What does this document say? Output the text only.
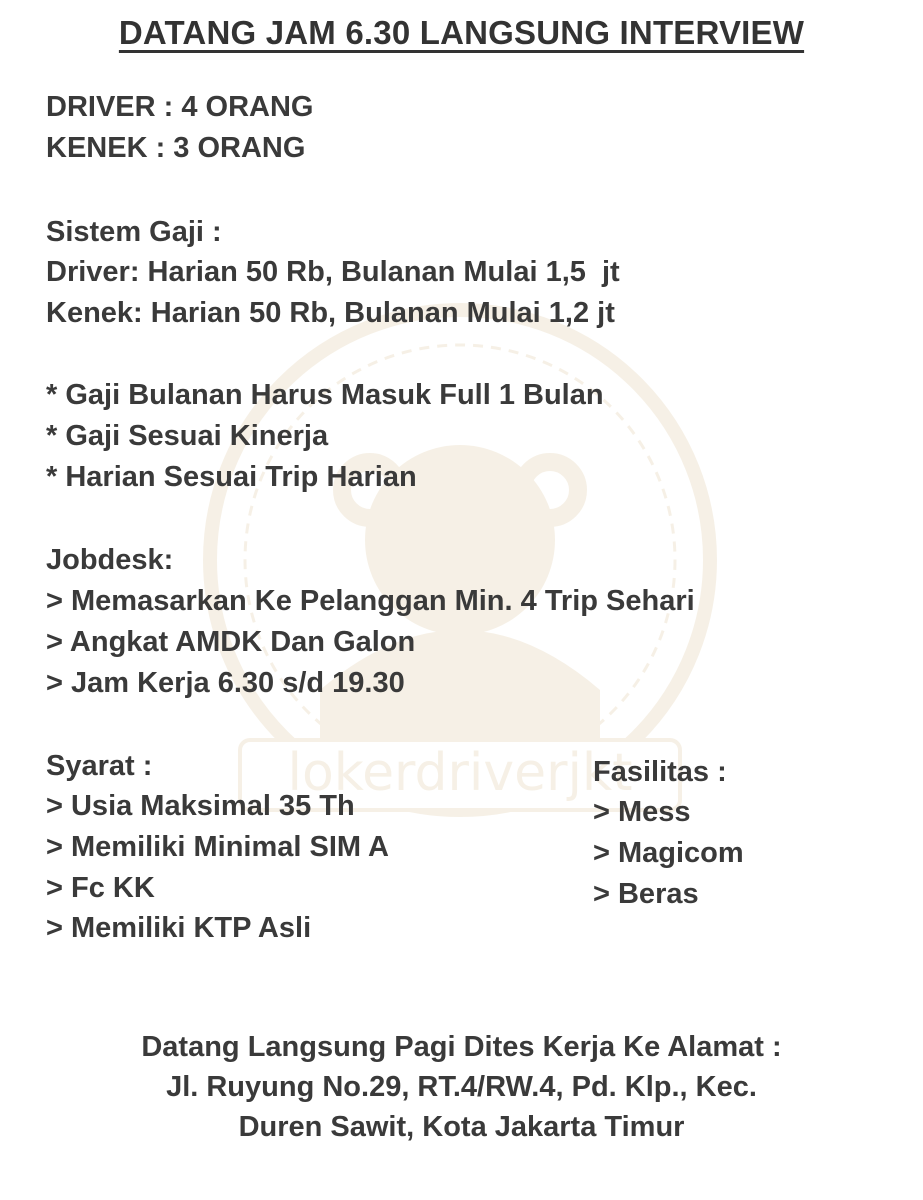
lokerdriverjkt
DATANG JAM 6.30 LANGSUNG INTERVIEW
DRIVER : 4 ORANG
KENEK : 3 ORANG
Sistem Gaji :
Driver: Harian 50 Rb, Bulanan Mulai 1,5  jt
Kenek: Harian 50 Rb, Bulanan Mulai 1,2 jt
* Gaji Bulanan Harus Masuk Full 1 Bulan
* Gaji Sesuai Kinerja
* Harian Sesuai Trip Harian
Jobdesk:
> Memasarkan Ke Pelanggan Min. 4 Trip Sehari
> Angkat AMDK Dan Galon
> Jam Kerja 6.30 s/d 19.30
Syarat :
> Usia Maksimal 35 Th
> Memiliki Minimal SIM A
> Fc KK
> Memiliki KTP Asli
Fasilitas :
> Mess
> Magicom
> Beras
Datang Langsung Pagi Dites Kerja Ke Alamat :
Jl. Ruyung No.29, RT.4/RW.4, Pd. Klp., Kec.
Duren Sawit, Kota Jakarta Timur
